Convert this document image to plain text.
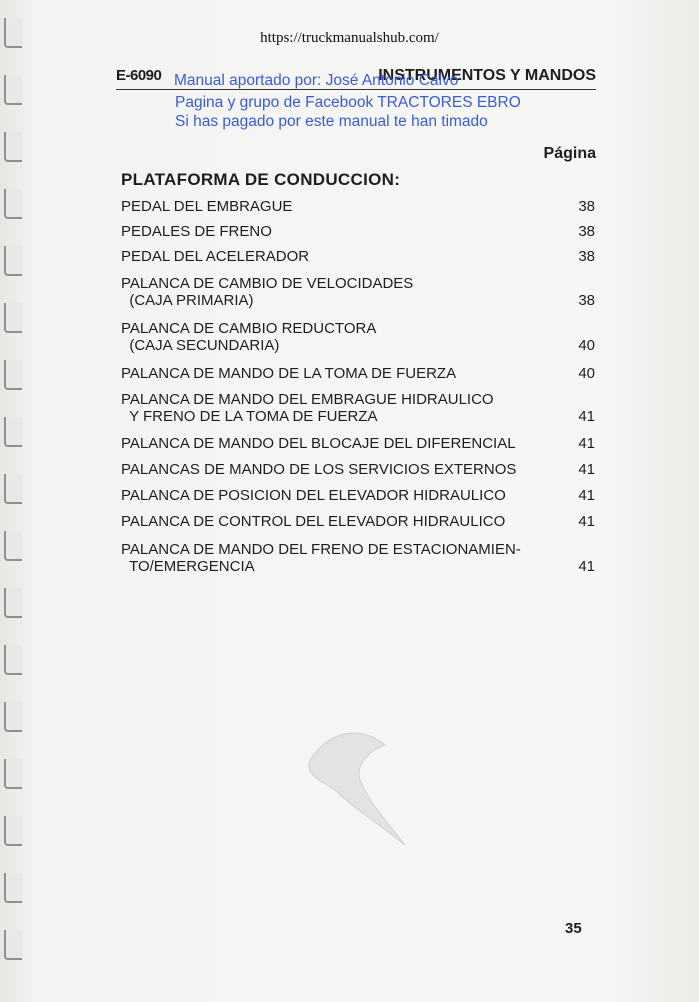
https://truckmanualshub.com/
E-6090	INSTRUMENTOS Y MANDOS
Manual aportado por: José Antonio Calvo
Pagina y grupo de Facebook TRACTORES EBRO
Si has pagado por este manual te han timado
Página
PLATAFORMA DE CONDUCCION:
PEDAL DEL EMBRAGUE	38
PEDALES DE FRENO	38
PEDAL DEL ACELERADOR	38
PALANCA DE CAMBIO DE VELOCIDADES
(CAJA PRIMARIA)	38
PALANCA DE CAMBIO REDUCTORA
(CAJA SECUNDARIA)	40
PALANCA DE MANDO DE LA TOMA DE FUERZA	40
PALANCA DE MANDO DEL EMBRAGUE HIDRAULICO
Y FRENO DE LA TOMA DE FUERZA	41
PALANCA DE MANDO DEL BLOCAJE DEL DIFERENCIAL	41
PALANCAS DE MANDO DE LOS SERVICIOS EXTERNOS	41
PALANCA DE POSICION DEL ELEVADOR HIDRAULICO	41
PALANCA DE CONTROL DEL ELEVADOR HIDRAULICO	41
PALANCA DE MANDO DEL FRENO DE ESTACIONAMIEN-
TO/EMERGENCIA	41
35
